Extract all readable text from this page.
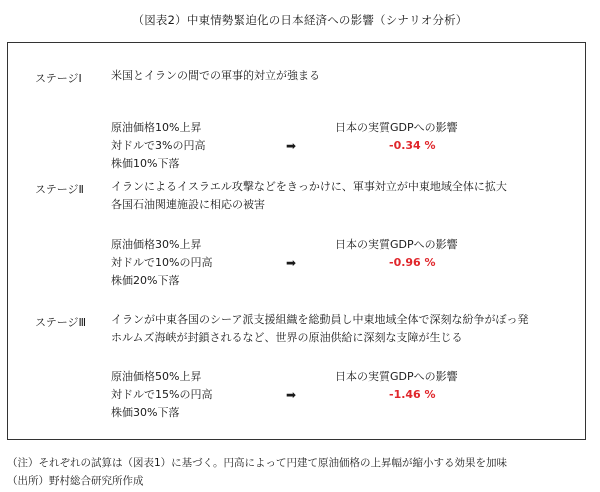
（図表2）中東情勢緊迫化の日本経済への影響（シナリオ分析）
ステージⅠ	米国とイランの間での軍事的対立が強まる
原油価格10%上昇
対ドルで3%の円高
株価10%下落
➡
日本の実質GDPへの影響
-0.34 %
ステージⅡ イランによるイスラエル攻撃などをきっかけに、軍事対立が中東地域全体に拡大
各国石油関連施設に相応の被害
原油価格30%上昇
対ドルで10%の円高
株価20%下落
➡
日本の実質GDPへの影響
-0.96 %
ステージⅢ イランが中東各国のシーア派支援組織を総動員し中東地域全体で深刻な紛争がぼっ発
ホルムズ海峡が封鎖されるなど、世界の原油供給に深刻な支障が生じる
原油価格50%上昇
対ドルで15%の円高
株価30%下落
➡
日本の実質GDPへの影響
-1.46 %
（注）それぞれの試算は（図表1）に基づく。円高によって円建て原油価格の上昇幅が縮小する効果を加味
（出所）野村総合研究所作成
